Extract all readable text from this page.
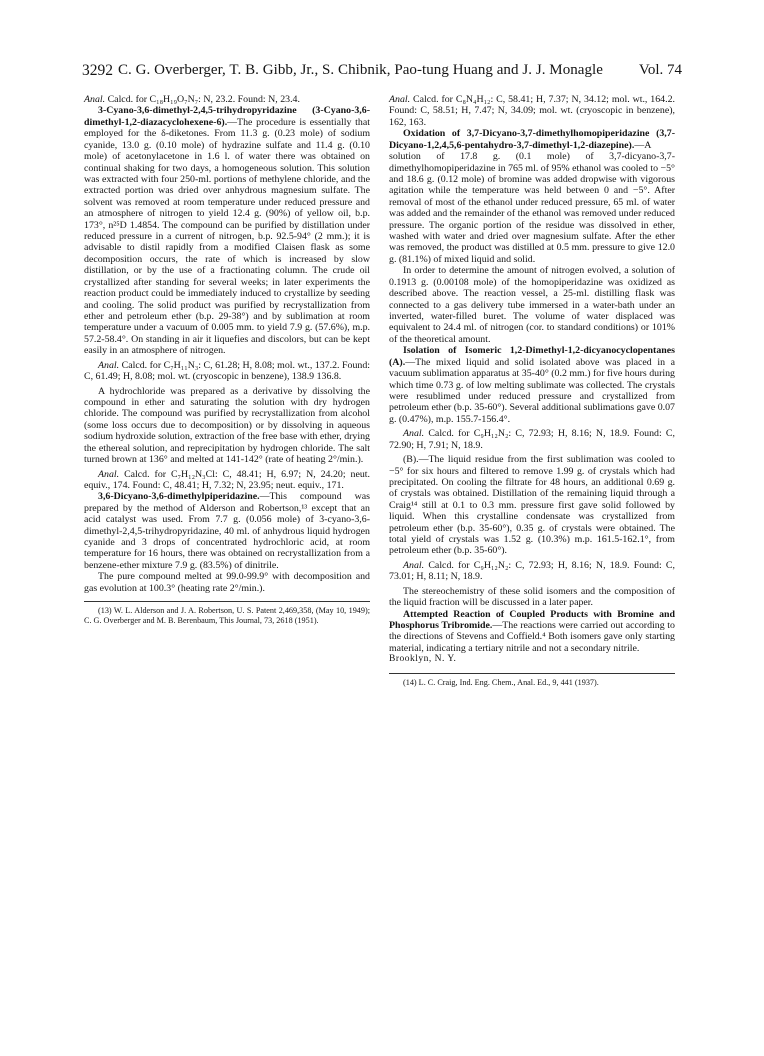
3292 C. G. Overberger, T. B. Gibb, Jr., S. Chibnik, Pao-tung Huang and J. J. Monagle Vol. 74

Anal. Calcd. for C₁₈H₁₉O₇N₇: N, 23.2. Found: N, 23.4.

3-Cyano-3,6-dimethyl-2,4,5-trihydropyridazine (3-Cyano-3,6-dimethyl-1,2-diazacyclohexene-6).—The procedure is essentially that employed for the δ-diketones. From 11.3 g. (0.23 mole) of sodium cyanide, 13.0 g. (0.10 mole) of hydrazine sulfate and 11.4 g. (0.10 mole) of acetonylacetone in 1.6 l. of water there was obtained on continual shaking for two days, a homogeneous solution. This solution was extracted with four 250-ml. portions of methylene chloride, and the extracted portion was dried over anhydrous magnesium sulfate. The solvent was removed at room temperature under reduced pressure and an atmosphere of nitrogen to yield 12.4 g. (90%) of yellow oil, b.p. 173°, n²⁵D 1.4854. The compound can be purified by distillation under reduced pressure in a current of nitrogen, b.p. 92.5-94° (2 mm.); it is advisable to distil rapidly from a modified Claisen flask as some decomposition occurs, the rate of which is increased by slow distillation, or by the use of a fractionating column. The crude oil crystallized after standing for several weeks; in later experiments the reaction product could be immediately induced to crystallize by seeding and cooling. The solid product was purified by recrystallization from ether and petroleum ether (b.p. 29-38°) and by sublimation at room temperature under a vacuum of 0.005 mm. to yield 7.9 g. (57.6%), m.p. 57.2-58.4°. On standing in air it liquefies and discolors, but can be kept easily in an atmosphere of nitrogen.

Anal. Calcd. for C₇H₁₁N₃: C, 61.28; H, 8.08; mol. wt., 137.2. Found: C, 61.49; H, 8.08; mol. wt. (cryoscopic in benzene), 138.9 136.8.

A hydrochloride was prepared as a derivative by dissolving the compound in ether and saturating the solution with dry hydrogen chloride. The compound was purified by recrystallization from alcohol (some loss occurs due to decomposition) or by dissolving in aqueous sodium hydroxide solution, extraction of the free base with ether, drying the ethereal solution, and reprecipitation by hydrogen chloride. The salt turned brown at 136° and melted at 141-142° (rate of heating 2°/min.).

Anal. Calcd. for C₇H₁₂N₃Cl: C, 48.41; H, 6.97; N, 24.20; neut. equiv., 174. Found: C, 48.41; H, 7.32; N, 23.95; neut. equiv., 171.

3,6-Dicyano-3,6-dimethylpiperidazine.—This compound was prepared by the method of Alderson and Robertson,¹³ except that an acid catalyst was used. From 7.7 g. (0.056 mole) of 3-cyano-3,6-dimethyl-2,4,5-trihydropyridazine, 40 ml. of anhydrous liquid hydrogen cyanide and 3 drops of concentrated hydrochloric acid, at room temperature for 16 hours, there was obtained on recrystallization from a benzene-ether mixture 7.9 g. (83.5%) of dinitrile.

The pure compound melted at 99.0-99.9° with decomposition and gas evolution at 100.3° (heating rate 2°/min.).

(13) W. L. Alderson and J. A. Robertson, U. S. Patent 2,469,358, (May 10, 1949); C. G. Overberger and M. B. Berenbaum, This Journal, 73, 2618 (1951).

Anal. Calcd. for C₈N₄H₁₂: C, 58.41; H, 7.37; N, 34.12; mol. wt., 164.2. Found: C, 58.51; H, 7.47; N, 34.09; mol. wt. (cryoscopic in benzene), 162, 163.

Oxidation of 3,7-Dicyano-3,7-dimethylhomopiperidazine (3,7-Dicyano-1,2,4,5,6-pentahydro-3,7-dimethyl-1,2-diazepine).—A solution of 17.8 g. (0.1 mole) of 3,7-dicyano-3,7-dimethylhomopiperidazine in 765 ml. of 95% ethanol was cooled to −5° and 18.6 g. (0.12 mole) of bromine was added dropwise with vigorous agitation while the temperature was held between 0 and −5°. After removal of most of the ethanol under reduced pressure, 65 ml. of water was added and the remainder of the ethanol was removed under reduced pressure. The organic portion of the residue was dissolved in ether, washed with water and dried over magnesium sulfate. After the ether was removed, the product was distilled at 0.5 mm. pressure to give 12.0 g. (81.1%) of mixed liquid and solid.

In order to determine the amount of nitrogen evolved, a solution of 0.1913 g. (0.00108 mole) of the homopiperidazine was oxidized as described above. The reaction vessel, a 25-ml. distilling flask was connected to a gas delivery tube immersed in a water-bath under an inverted, water-filled buret. The volume of water displaced was equivalent to 24.4 ml. of nitrogen (cor. to standard conditions) or 101% of the theoretical amount.

Isolation of Isomeric 1,2-Dimethyl-1,2-dicyanocyclopentanes (A).—The mixed liquid and solid isolated above was placed in a vacuum sublimation apparatus at 35-40° (0.2 mm.) for five hours during which time 0.73 g. of low melting sublimate was collected. The crystals were resublimed under reduced pressure and crystallized from petroleum ether (b.p. 35-60°). Several additional sublimations gave 0.07 g. (0.47%), m.p. 155.7-156.4°.

Anal. Calcd. for C₉H₁₂N₂: C, 72.93; H, 8.16; N, 18.9. Found: C, 72.90; H, 7.91; N, 18.9.

(B).—The liquid residue from the first sublimation was cooled to −5° for six hours and filtered to remove 1.99 g. of crystals which had precipitated. On cooling the filtrate for 48 hours, an additional 0.69 g. of crystals was obtained. Distillation of the remaining liquid through a Craig¹⁴ still at 0.1 to 0.3 mm. pressure first gave solid followed by liquid. When this crystalline condensate was crystallized from petroleum ether (b.p. 35-60°), 0.35 g. of crystals were obtained. The total yield of crystals was 1.52 g. (10.3%) m.p. 161.5-162.1°, from petroleum ether (b.p. 35-60°).

Anal. Calcd. for C₉H₁₂N₂: C, 72.93; H, 8.16; N, 18.9. Found: C, 73.01; H, 8.11; N, 18.9.

The stereochemistry of these solid isomers and the composition of the liquid fraction will be discussed in a later paper.

Attempted Reaction of Coupled Products with Bromine and Phosphorus Tribromide.—The reactions were carried out according to the directions of Stevens and Coffield.⁴ Both isomers gave only starting material, indicating a tertiary nitrile and not a secondary nitrile.

Brooklyn, N. Y.

(14) L. C. Craig, Ind. Eng. Chem., Anal. Ed., 9, 441 (1937).
